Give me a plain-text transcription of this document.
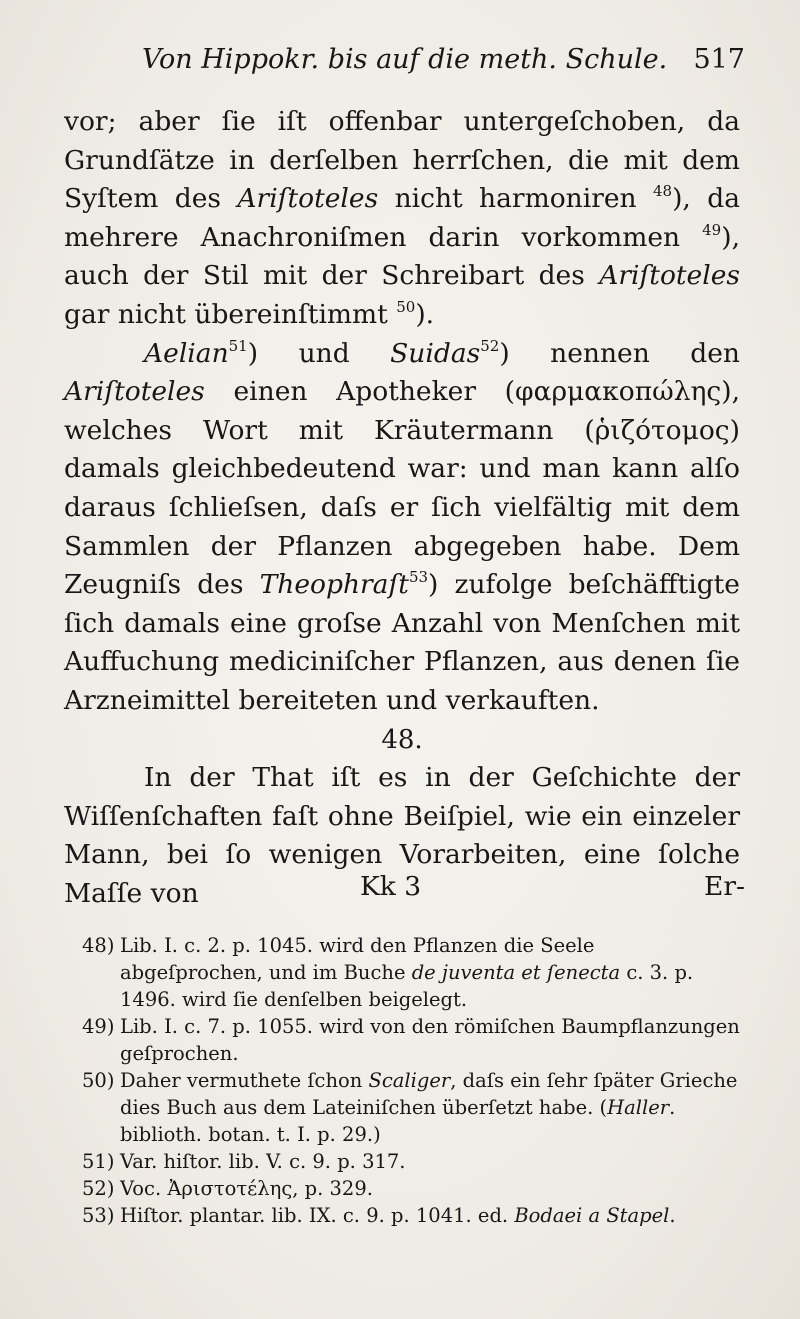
Von Hippokr. bis auf die meth. Schule. 517

vor; aber ſie iſt offenbar untergeſchoben, da Grundſätze in derſelben herrſchen, die mit dem Syſtem des Ariſtoteles nicht harmoniren $^{48}$), da mehrere Anachroniſmen darin vorkommen $^{49}$), auch der Stil mit der Schreibart des Ariſtoteles gar nicht übereinſtimmt $^{50}$).

Aelian$^{51}$) und Suidas$^{52}$) nennen den Ariſtoteles einen Apotheker (φαρμακοπώλης), welches Wort mit Kräutermann (ῥιζότομος) damals gleichbedeutend war: und man kann alſo daraus ſchlieſsen, daſs er ſich vielfältig mit dem Sammlen der Pflanzen abgegeben habe. Dem Zeugniſs des Theophraſt$^{53}$) zufolge beſchäfftigte ſich damals eine groſse Anzahl von Menſchen mit Auffuchung mediciniſcher Pflanzen, aus denen ſie Arzneimittel bereiteten und verkauften.

48.

In der That iſt es in der Geſchichte der Wiſſenſchaften faſt ohne Beiſpiel, wie ein einzeler Mann, bei ſo wenigen Vorarbeiten, eine ſolche Maſſe von	Kk 3	Er-

48) Lib. I. c. 2. p. 1045. wird den Pflanzen die Seele abgeſprochen, und im Buche de juventa et ſenecta c. 3. p. 1496. wird ſie denſelben beigelegt.

49) Lib. I. c. 7. p. 1055. wird von den römiſchen Baumpflanzungen geſprochen.

50) Daher vermuthete ſchon Scaliger, daſs ein ſehr ſpäter Grieche dies Buch aus dem Lateiniſchen überſetzt habe. (Haller. biblioth. botan. t. I. p. 29.)

51) Var. hiſtor. lib. V. c. 9. p. 317.

52) Voc. Ἀριστοτέλης, p. 329.

53) Hiſtor. plantar. lib. IX. c. 9. p. 1041. ed. Bodaei a Stapel.
